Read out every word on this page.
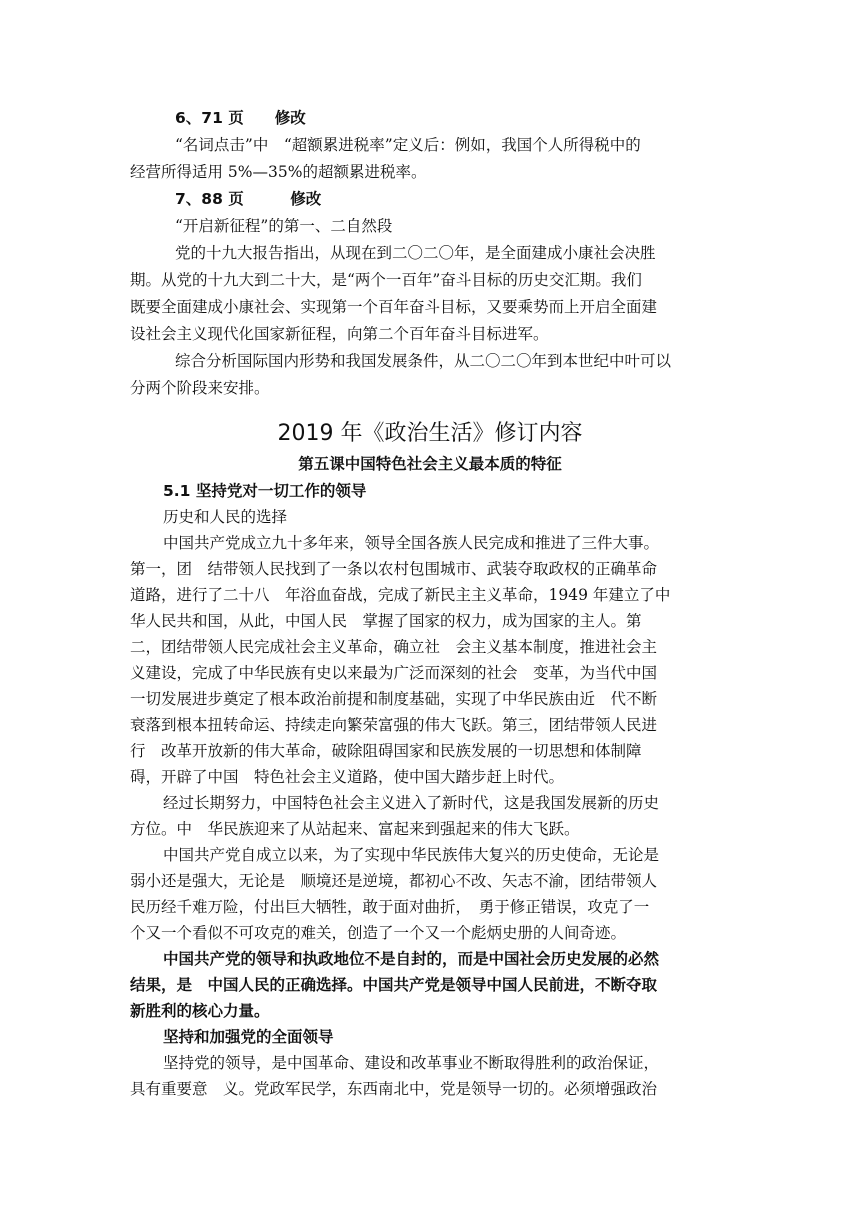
6、71 页　　修改
“名词点击”中　“超额累进税率”定义后：例如，我国个人所得税中的
经营所得适用 5%—35%的超额累进税率。
7、88 页　　　修改
“开启新征程”的第一、二自然段
党的十九大报告指出，从现在到二〇二〇年，是全面建成小康社会决胜
期。从党的十九大到二十大，是“两个一百年”奋斗目标的历史交汇期。我们
既要全面建成小康社会、实现第一个百年奋斗目标，又要乘势而上开启全面建
设社会主义现代化国家新征程，向第二个百年奋斗目标进军。
综合分析国际国内形势和我国发展条件，从二〇二〇年到本世纪中叶可以
分两个阶段来安排。
2019 年《政治生活》修订内容
第五课中国特色社会主义最本质的特征
5.1 坚持党对一切工作的领导
历史和人民的选择
中国共产党成立九十多年来，领导全国各族人民完成和推进了三件大事。
第一，团　结带领人民找到了一条以农村包围城市、武装夺取政权的正确革命
道路，进行了二十八　年浴血奋战，完成了新民主主义革命，1949 年建立了中
华人民共和国，从此，中国人民　掌握了国家的权力，成为国家的主人。第
二，团结带领人民完成社会主义革命，确立社　会主义基本制度，推进社会主
义建设，完成了中华民族有史以来最为广泛而深刻的社会　变革，为当代中国
一切发展进步奠定了根本政治前提和制度基础，实现了中华民族由近　代不断
衰落到根本扭转命运、持续走向繁荣富强的伟大飞跃。第三，团结带领人民进
行　改革开放新的伟大革命，破除阻碍国家和民族发展的一切思想和体制障
碍，开辟了中国　特色社会主义道路，使中国大踏步赶上时代。
经过长期努力，中国特色社会主义进入了新时代，这是我国发展新的历史
方位。中　华民族迎来了从站起来、富起来到强起来的伟大飞跃。
中国共产党自成立以来，为了实现中华民族伟大复兴的历史使命，无论是
弱小还是强大，无论是　顺境还是逆境，都初心不改、矢志不渝，团结带领人
民历经千难万险，付出巨大牺牲，敢于面对曲折，　勇于修正错误，攻克了一
个又一个看似不可攻克的难关，创造了一个又一个彪炳史册的人间奇迹。
中国共产党的领导和执政地位不是自封的，而是中国社会历史发展的必然
结果，是　中国人民的正确选择。中国共产党是领导中国人民前进，不断夺取
新胜利的核心力量。
坚持和加强党的全面领导
坚持党的领导，是中国革命、建设和改革事业不断取得胜利的政治保证，
具有重要意　义。党政军民学，东西南北中，党是领导一切的。必须增强政治
